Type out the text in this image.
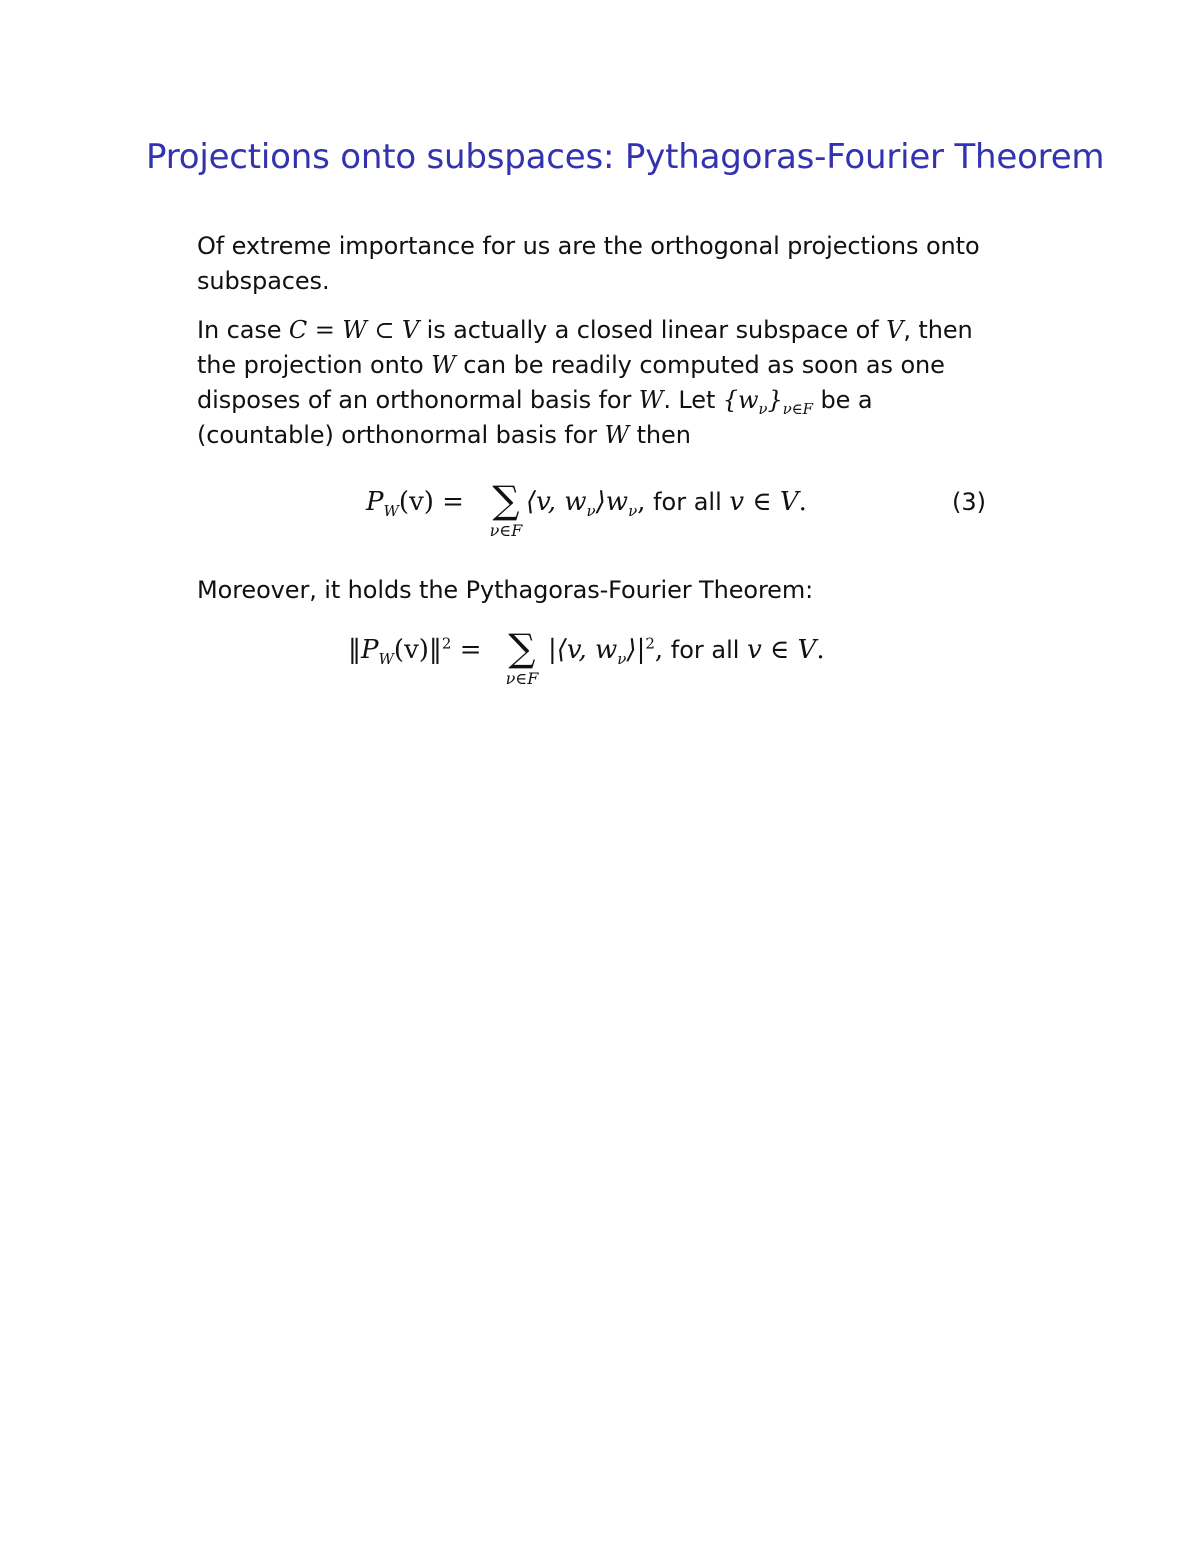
Projections onto subspaces: Pythagoras-Fourier Theorem

Of extreme importance for us are the orthogonal projections onto subspaces.

In case C = W ⊂ V is actually a closed linear subspace of V, then the projection onto W can be readily computed as soon as one disposes of an orthonormal basis for W. Let $\{w_\nu\}_{\nu\in F}$ be a (countable) orthonormal basis for W then

$P_W(v)$ = ∑
ν∈F
⟨v, $w_\nu⟩w_\nu$, for all v ∈ V.	(3)

Moreover, it holds the Pythagoras-Fourier Theorem:

$‖P_W(v)‖^2$ = ∑
ν∈F
|⟨v, $w_\nu⟩|^2$, for all v ∈ V.
